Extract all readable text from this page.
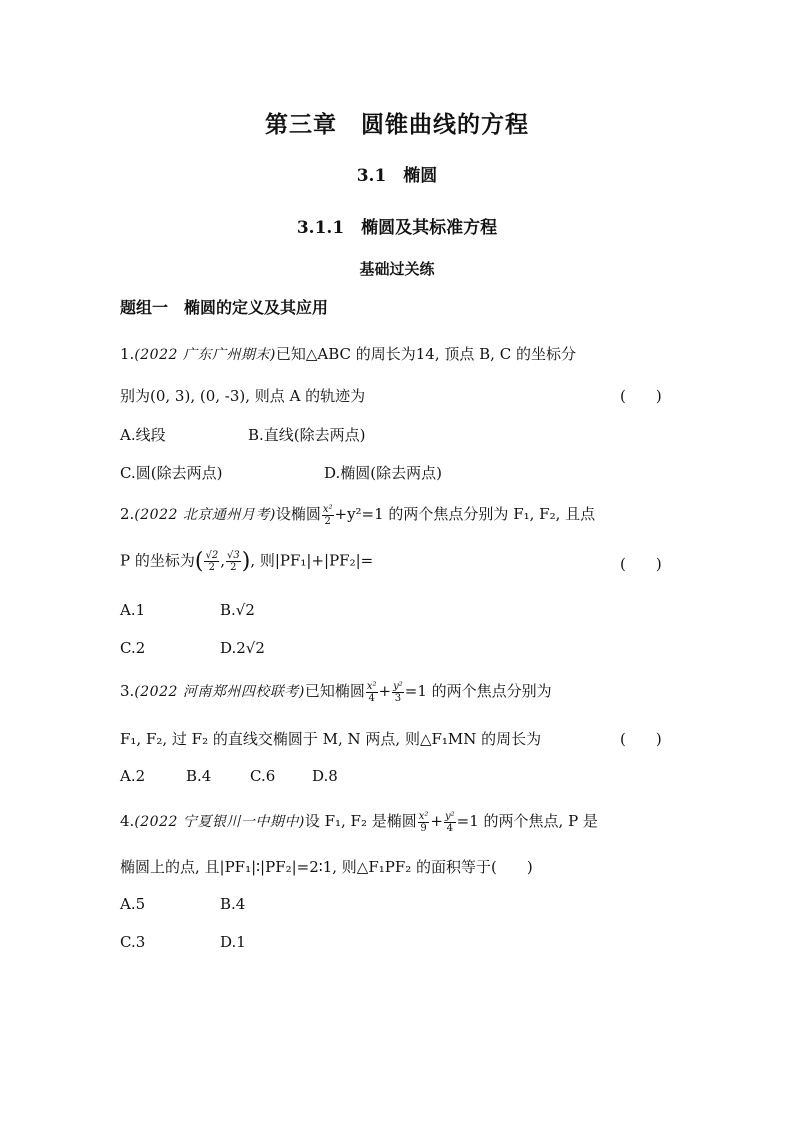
第三章　圆锥曲线的方程
3.1　椭圆
3.1.1　椭圆及其标准方程
基础过关练
题组一　椭圆的定义及其应用
1.(2022 广东广州期末)已知△ABC 的周长为14, 顶点 B, C 的坐标分
别为(0, 3), (0, -3), 则点 A 的轨迹为	(　　)
A.线段	B.直线(除去两点)
C.圆(除去两点)	D.椭圆(除去两点)
2.(2022 北京通州月考)设椭圆 $\frac{\text{x²}}{2} +y^2=1$ 的两个焦点分别为 F₁, F₂, 且点
P 的坐标为( $\frac{√2}{2}$ , $\frac{√3}{2}$ ), 则|PF₁|+|PF₂|=	(　　)
A.1	B.√2
C.2	D.2√2
3.(2022 河南郑州四校联考)已知椭圆 $\frac{\text{x²}}{4} + \frac{\text{y²}}{3} =1$ 的两个焦点分别为
F₁, F₂, 过 F₂ 的直线交椭圆于 M, N 两点, 则△F₁MN 的周长为	(　　)
A.2	B.4	C.6 D.8
4.(2022 宁夏银川一中期中)设 F₁, F₂ 是椭圆 $\frac{\text{x²}}{9} + \frac{\text{y²}}{4} =1$ 的两个焦点, P 是
椭圆上的点, 且|PF₁|∶|PF₂|=2∶1, 则△F₁PF₂ 的面积等于(　　)
A.5	B.4
C.3	D.1
